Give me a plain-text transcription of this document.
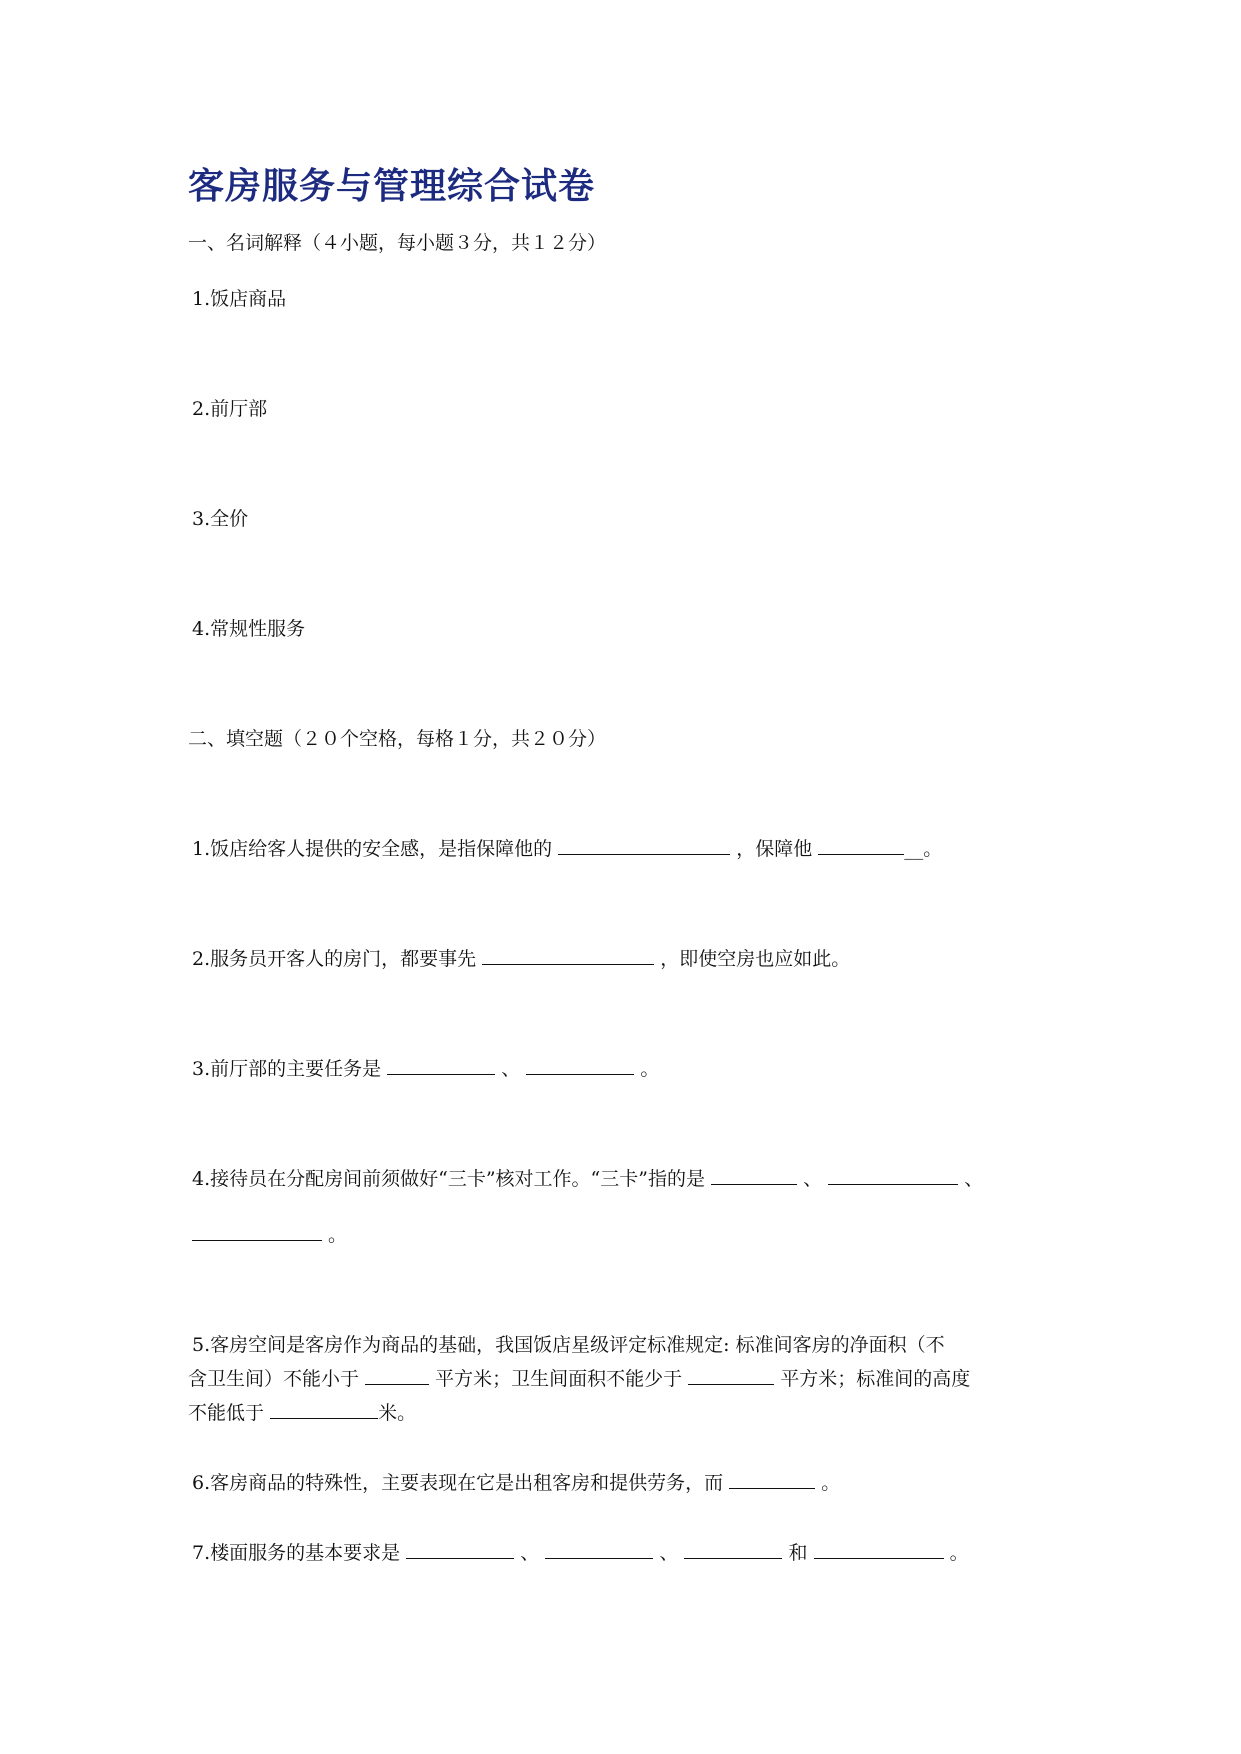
客房服务与管理综合试卷
一、名词解释（４小题，每小题３分，共１２分）
1.饭店商品
2.前厅部
3.全价
4.常规性服务
二、填空题（２０个空格，每格１分，共２０分）
1.饭店给客人提供的安全感，是指保障他的	，保障他	__。
2.服务员开客人的房门，都要事先	，即使空房也应如此。
3.前厅部的主要任务是	、	。
4.接待员在分配房间前须做好“三卡”核对工作。“三卡”指的是	、	、
。
5.客房空间是客房作为商品的基础，我国饭店星级评定标准规定: 标准间客房的净面积（不
含卫生间）不能小于	平方米；卫生间面积不能少于	平方米；标准间的高度
不能低于	米。
6.客房商品的特殊性，主要表现在它是出租客房和提供劳务，而	。
7.楼面服务的基本要求是	、	、	和	。
